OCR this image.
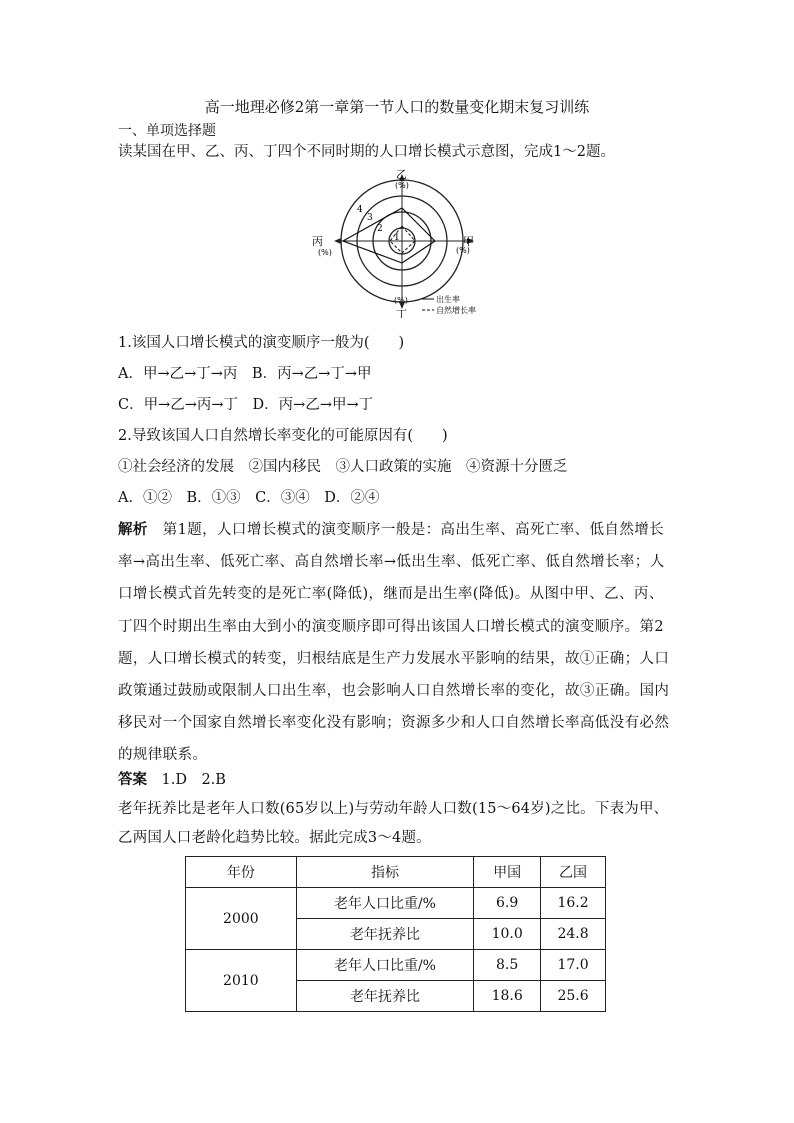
高一地理必修2第一章第一节人口的数量变化期末复习训练
一、单项选择题
读某国在甲、乙、丙、丁四个不同时期的人口增长模式示意图，完成1～2题。
乙
(%)
甲
(%)
丙
(%)
丁
(%)
1
2
3
4
出生率
自然增长率
1.该国人口增长模式的演变顺序一般为(　　)
A．甲→乙→丁→丙　B．丙→乙→丁→甲
C．甲→乙→丙→丁　D．丙→乙→甲→丁
2.导致该国人口自然增长率变化的可能原因有(　　)
①社会经济的发展　②国内移民　③人口政策的实施　④资源十分匮乏
A．①②　B．①③　C．③④　D．②④
解析　第1题，人口增长模式的演变顺序一般是：高出生率、高死亡率、低自然增长率→高出生率、低死亡率、高自然增长率→低出生率、低死亡率、低自然增长率；人口增长模式首先转变的是死亡率(降低)，继而是出生率(降低)。从图中甲、乙、丙、丁四个时期出生率由大到小的演变顺序即可得出该国人口增长模式的演变顺序。第2题，人口增长模式的转变，归根结底是生产力发展水平影响的结果，故①正确；人口政策通过鼓励或限制人口出生率，也会影响人口自然增长率的变化，故③正确。国内移民对一个国家自然增长率变化没有影响；资源多少和人口自然增长率高低没有必然的规律联系。
答案　1.D　2.B
老年抚养比是老年人口数(65岁以上)与劳动年龄人口数(15～64岁)之比。下表为甲、乙两国人口老龄化趋势比较。据此完成3～4题。
年份	指标	甲国	乙国
2000	老年人口比重/%	6.9	16.2
	老年抚养比	10.0	24.8
2010	老年人口比重/%	8.5	17.0
	老年抚养比	18.6	25.6
